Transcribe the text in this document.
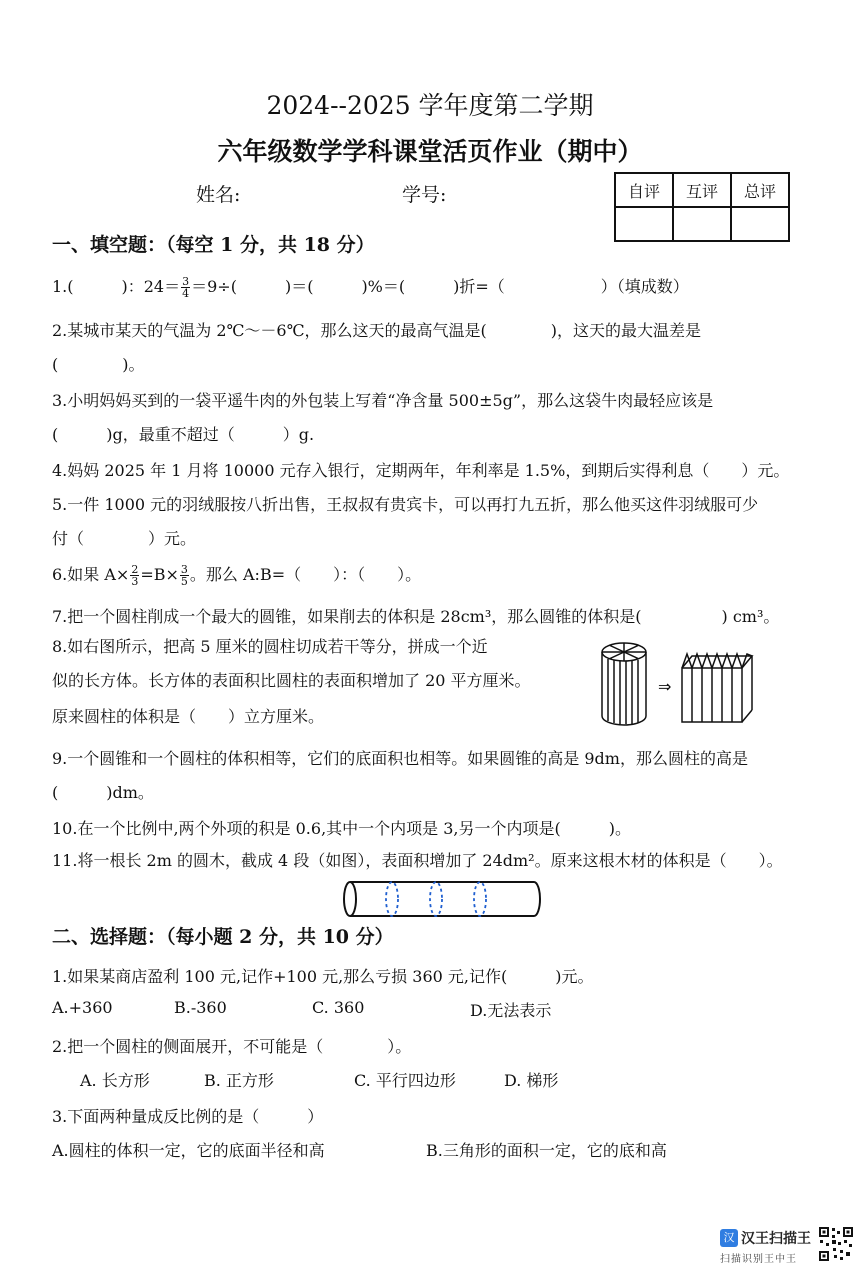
2024--2025 学年度第二学期
六年级数学学科课堂活页作业（期中）
姓名:	学号:	自评	互评	总评

一、填空题：（每空 1 分，共 18 分）
1.(　　　)：$24= \frac{3}{4} =9\div$(　　　)＝(　　　)%＝(　　　)折=（　　　　　　）（填成数）
2.某城市某天的气温为 2℃～－6℃，那么这天的最高气温是(　　　　)，这天的最大温差是
(　　　　)。
3.小明妈妈买到的一袋平遥牛肉的外包装上写着“净含量 500±5g”，那么这袋牛肉最轻应该是
(　　　)g，最重不超过（　　　）g.
4.妈妈 2025 年 1 月将 10000 元存入银行，定期两年，年利率是 1.5%，到期后实得利息（　　）元。
5.一件 1000 元的羽绒服按八折出售，王叔叔有贵宾卡，可以再打九五折，那么他买这件羽绒服可少
付（　　　　）元。
6.如果 $A\times \frac{2}{3} =B\times \frac{3}{5}$ 。那么 A:B=（　　）：（　　）。
7.把一个圆柱削成一个最大的圆锥，如果削去的体积是 28cm³，那么圆锥的体积是(　　　　　) cm³。
8.如右图所示，把高 5 厘米的圆柱切成若干等分，拼成一个近
似的长方体。长方体的表面积比圆柱的表面积增加了 20 平方厘米。
原来圆柱的体积是（　　）立方厘米。
⇒
9.一个圆锥和一个圆柱的体积相等，它们的底面积也相等。如果圆锥的高是 9dm，那么圆柱的高是
(　　　)dm。
10.在一个比例中,两个外项的积是 0.6,其中一个内项是 3,另一个内项是(　　　)。
11.将一根长 2m 的圆木，截成 4 段（如图），表面积增加了 24dm²。原来这根木材的体积是（　　）。
二、选择题：（每小题 2 分，共 10 分）
1.如果某商店盈利 100 元,记作+100 元,那么亏损 360 元,记作(　　　)元。
A.+360	B.-360	C. 360	D.无法表示
2.把一个圆柱的侧面展开，不可能是（　　　　）。
A. 长方形	B. 正方形	C. 平行四边形	D. 梯形
3.下面两种量成反比例的是（　　　）
A.圆柱的体积一定，它的底面半径和高	B.三角形的面积一定，它的底和高
汉 汉王扫描王
扫描识别王中王
